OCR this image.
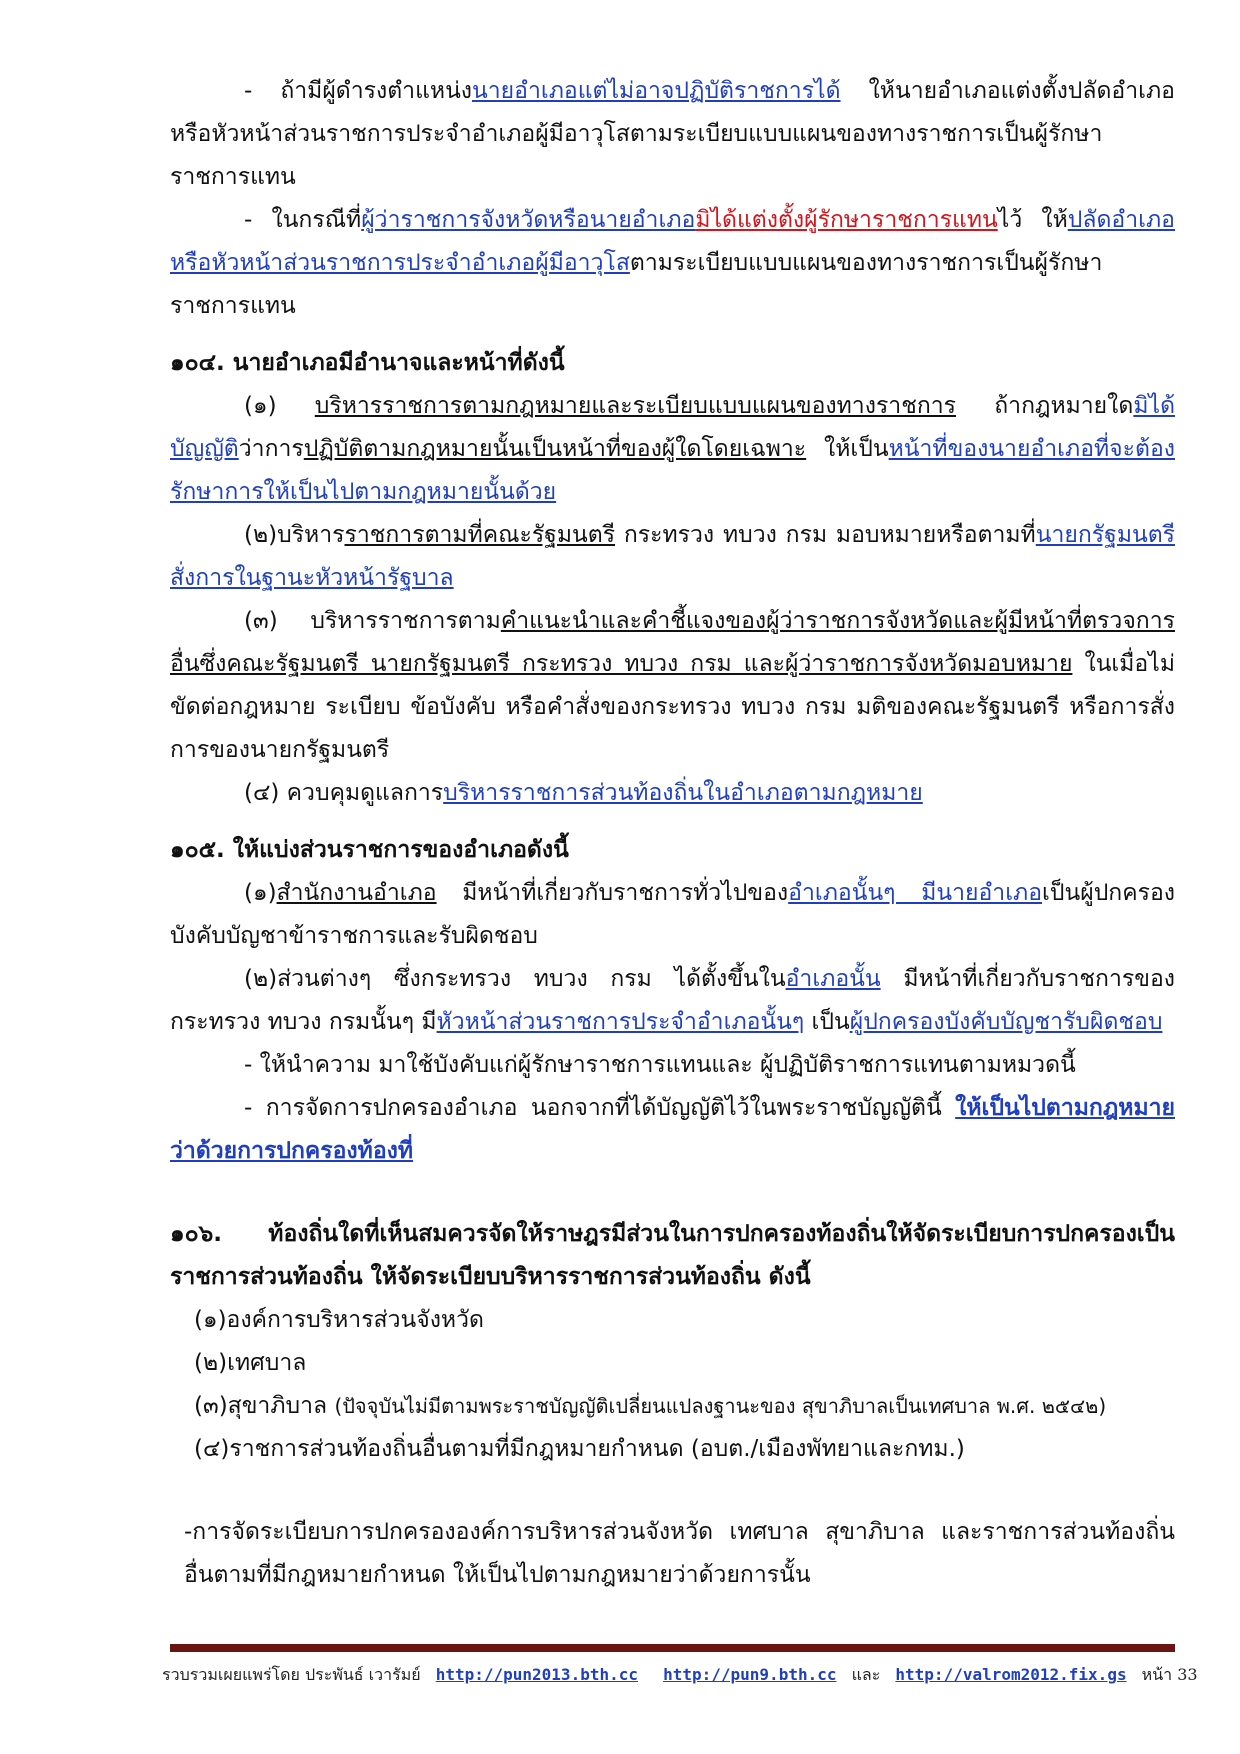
- ถ้ามีผู้ดำรงตำแหน่งนายอำเภอแต่ไม่อาจปฏิบัติราชการได้ ให้นายอำเภอแต่งตั้งปลัดอำเภอ หรือหัวหน้าส่วนราชการประจำอำเภอผู้มีอาวุโสตามระเบียบแบบแผนของทางราชการเป็นผู้รักษาราชการแทน

- ในกรณีที่ผู้ว่าราชการจังหวัดหรือนายอำเภอมิได้แต่งตั้งผู้รักษาราชการแทนไว้ ให้ปลัดอำเภอหรือหัวหน้าส่วนราชการประจำอำเภอผู้มีอาวุโสตามระเบียบแบบแผนของทางราชการเป็นผู้รักษาราชการแทน

๑๐๔. นายอำเภอมีอำนาจและหน้าที่ดังนี้

(๑) บริหารราชการตามกฎหมายและระเบียบแบบแผนของทางราชการ ถ้ากฎหมายใดมิได้บัญญัติว่าการปฏิบัติตามกฎหมายนั้นเป็นหน้าที่ของผู้ใดโดยเฉพาะ ให้เป็นหน้าที่ของนายอำเภอที่จะต้องรักษาการให้เป็นไปตามกฎหมายนั้นด้วย

(๒)บริหารราชการตามที่คณะรัฐมนตรี กระทรวง ทบวง กรม มอบหมายหรือตามที่นายกรัฐมนตรีสั่งการในฐานะหัวหน้ารัฐบาล

(๓) บริหารราชการตามคำแนะนำและคำชี้แจงของผู้ว่าราชการจังหวัดและผู้มีหน้าที่ตรวจการอื่นซึ่งคณะรัฐมนตรี นายกรัฐมนตรี กระทรวง ทบวง กรม และผู้ว่าราชการจังหวัดมอบหมาย ในเมื่อไม่ขัดต่อกฎหมาย ระเบียบ ข้อบังคับ หรือคำสั่งของกระทรวง ทบวง กรม มติของคณะรัฐมนตรี หรือการสั่งการของนายกรัฐมนตรี

(๔) ควบคุมดูแลการบริหารราชการส่วนท้องถิ่นในอำเภอตามกฎหมาย

๑๐๕. ให้แบ่งส่วนราชการของอำเภอดังนี้

(๑)สำนักงานอำเภอ มีหน้าที่เกี่ยวกับราชการทั่วไปของอำเภอนั้นๆ มีนายอำเภอเป็นผู้ปกครองบังคับบัญชาข้าราชการและรับผิดชอบ

(๒)ส่วนต่างๆ ซึ่งกระทรวง ทบวง กรม ได้ตั้งขึ้นในอำเภอนั้น มีหน้าที่เกี่ยวกับราชการของกระทรวง ทบวง กรมนั้นๆ มีหัวหน้าส่วนราชการประจำอำเภอนั้นๆ เป็นผู้ปกครองบังคับบัญชารับผิดชอบ

- ให้นำความ มาใช้บังคับแก่ผู้รักษาราชการแทนและ ผู้ปฏิบัติราชการแทนตามหมวดนี้

- การจัดการปกครองอำเภอ นอกจากที่ได้บัญญัติไว้ในพระราชบัญญัตินี้ ให้เป็นไปตามกฎหมายว่าด้วยการปกครองท้องที่

๑๐๖. ท้องถิ่นใดที่เห็นสมควรจัดให้ราษฎรมีส่วนในการปกครองท้องถิ่นให้จัดระเบียบการปกครองเป็นราชการส่วนท้องถิ่น ให้จัดระเบียบบริหารราชการส่วนท้องถิ่น ดังนี้

(๑)องค์การบริหารส่วนจังหวัด

(๒)เทศบาล

(๓)สุขาภิบาล (ปัจจุบันไม่มีตามพระราชบัญญัติเปลี่ยนแปลงฐานะของ สุขาภิบาลเป็นเทศบาล พ.ศ. ๒๕๔๒)

(๔)ราชการส่วนท้องถิ่นอื่นตามที่มีกฎหมายกำหนด (อบต./เมืองพัทยาและกทม.)

-การจัดระเบียบการปกครององค์การบริหารส่วนจังหวัด เทศบาล สุขาภิบาล และราชการส่วนท้องถิ่นอื่นตามที่มีกฎหมายกำหนด ให้เป็นไปตามกฎหมายว่าด้วยการนั้น

รวบรวมเผยแพร่โดย ประพันธ์ เวารัมย์ http://pun2013.bth.cc http://pun9.bth.cc และ http://valrom2012.fix.gs หน้า 33
